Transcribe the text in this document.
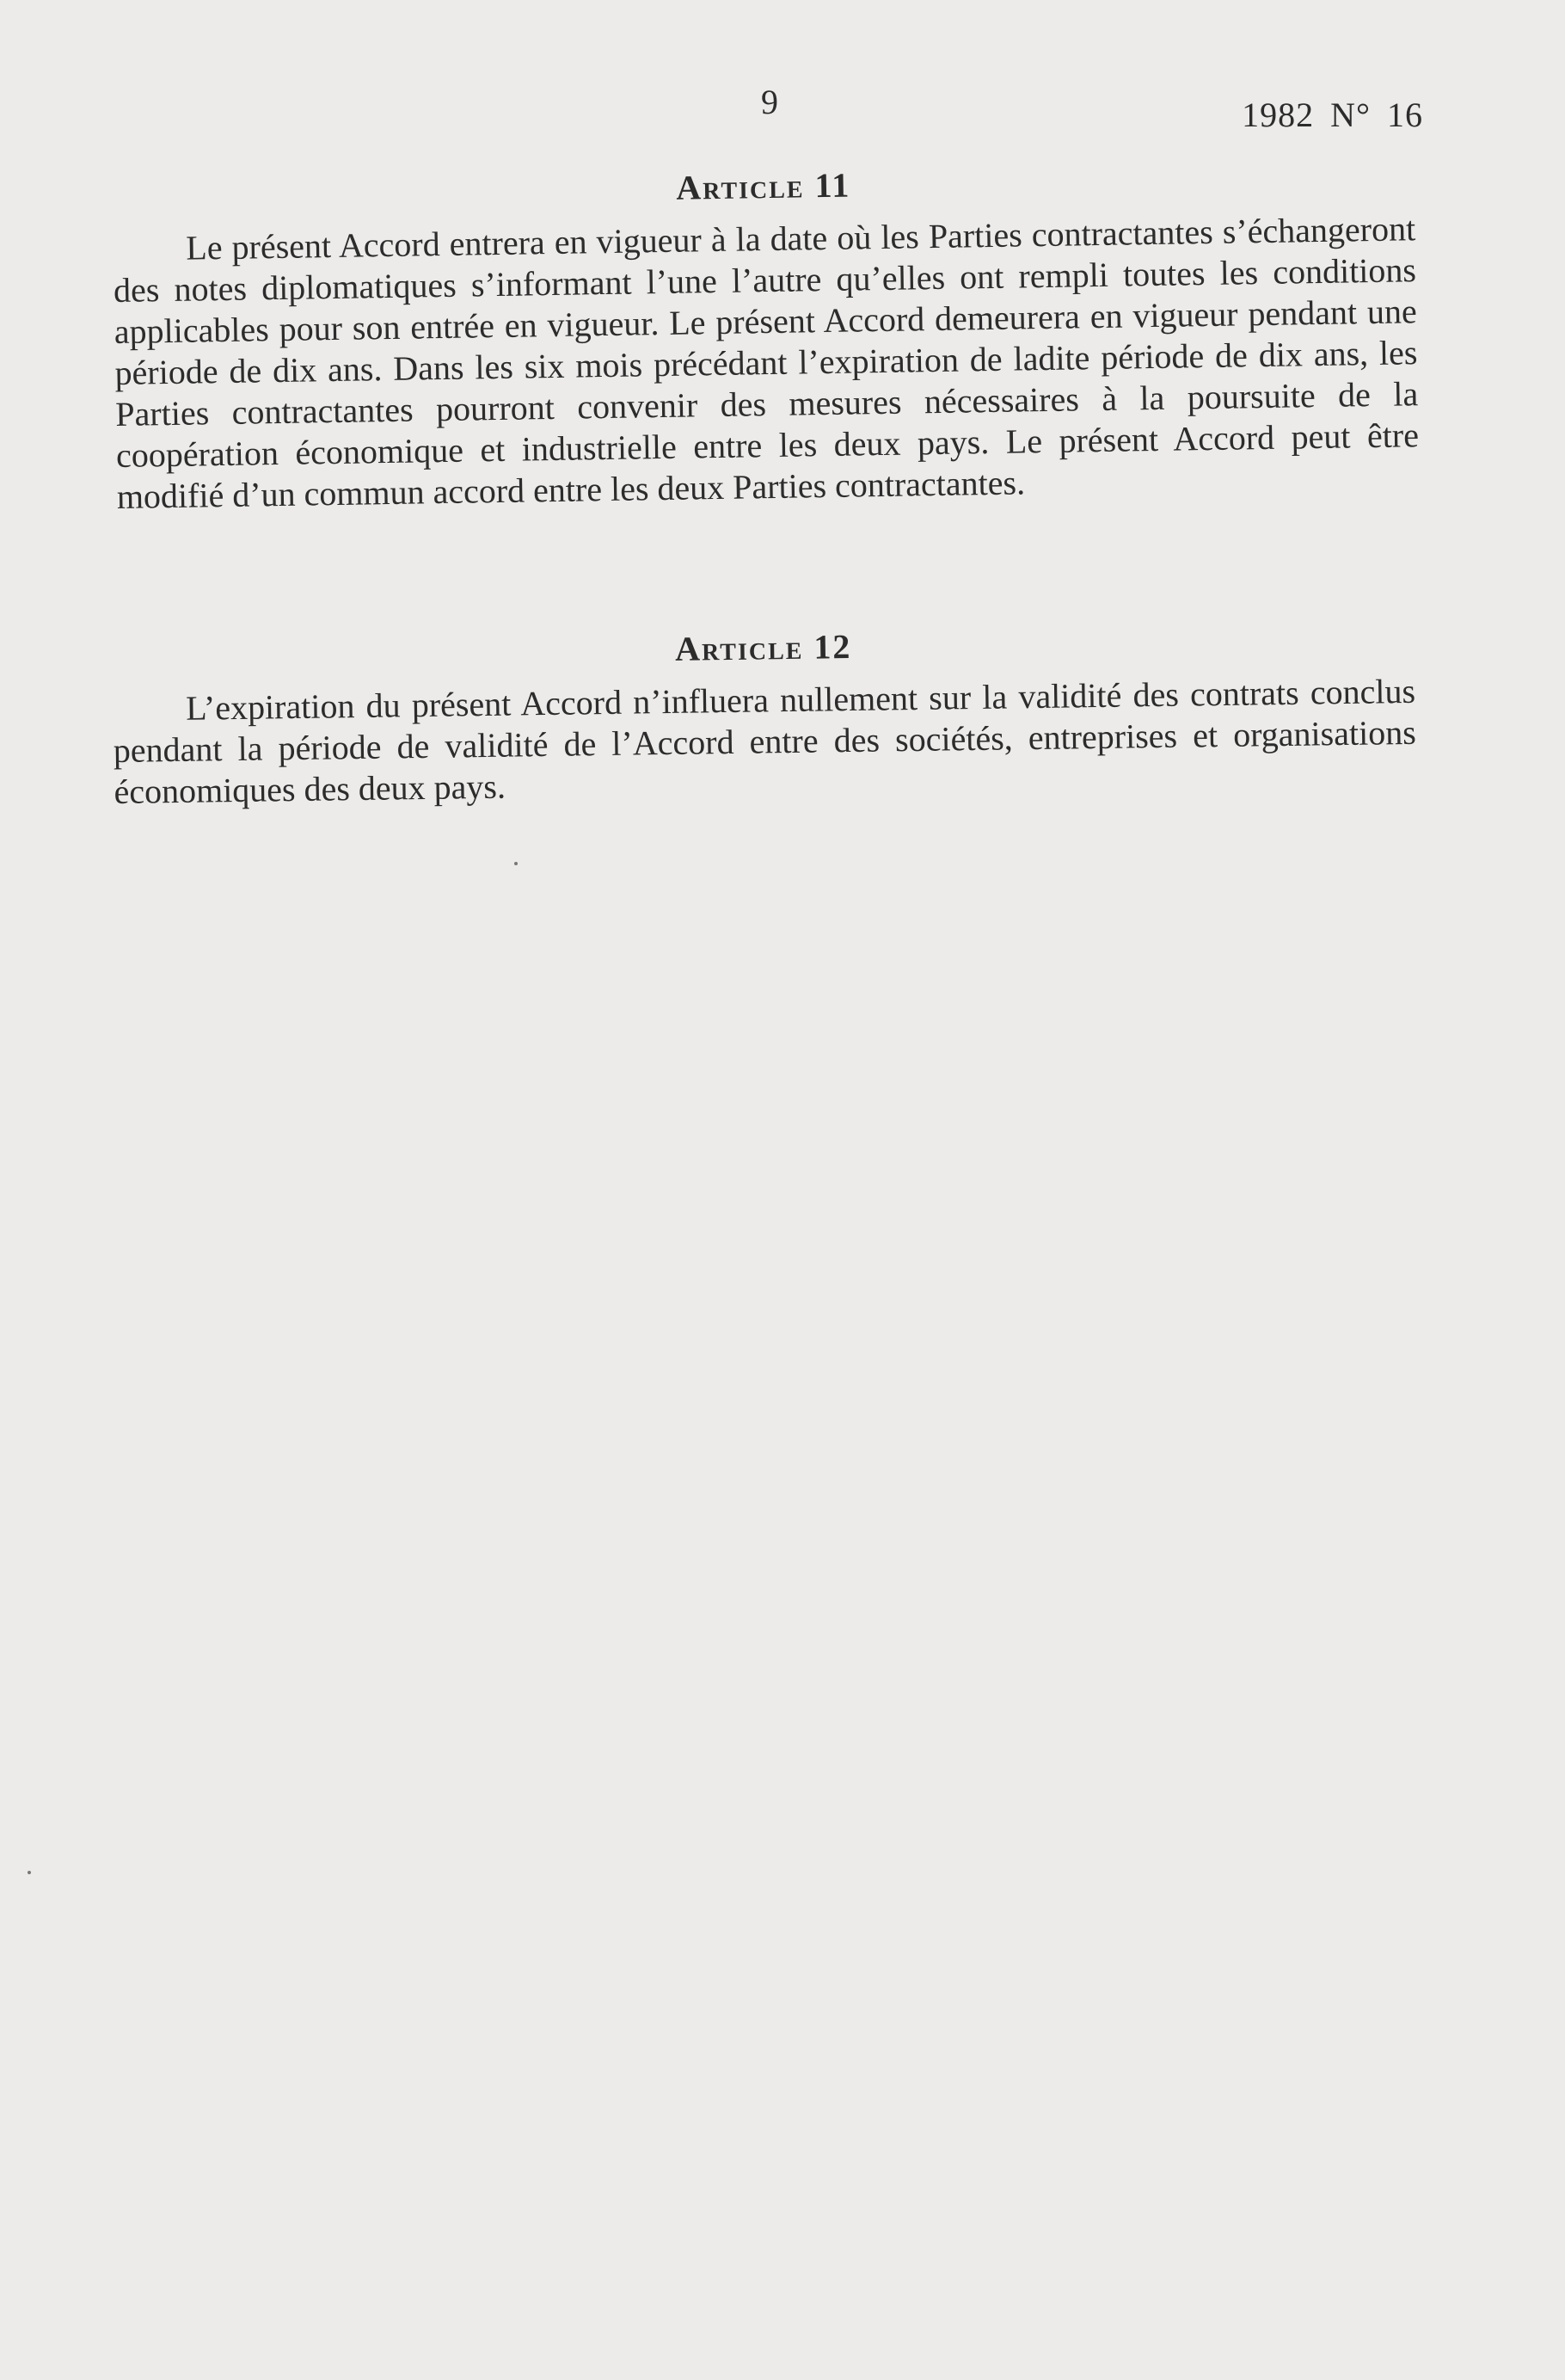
9	1982 N° 16
Article 11

Le présent Accord entrera en vigueur à la date où les Parties contractantes s’échangeront des notes diplomatiques s’informant l’une l’autre qu’elles ont rempli toutes les conditions applicables pour son entrée en vigueur. Le présent Accord demeurera en vigueur pendant une période de dix ans. Dans les six mois précédant l’expiration de ladite période de dix ans, les Parties contractantes pourront convenir des mesures nécessaires à la poursuite de la coopération économique et industrielle entre les deux pays. Le présent Accord peut être modifié d’un commun accord entre les deux Parties contractantes.

Article 12

L’expiration du présent Accord n’influera nullement sur la validité des contrats conclus pendant la période de validité de l’Accord entre des sociétés, entreprises et organisations économiques des deux pays.
